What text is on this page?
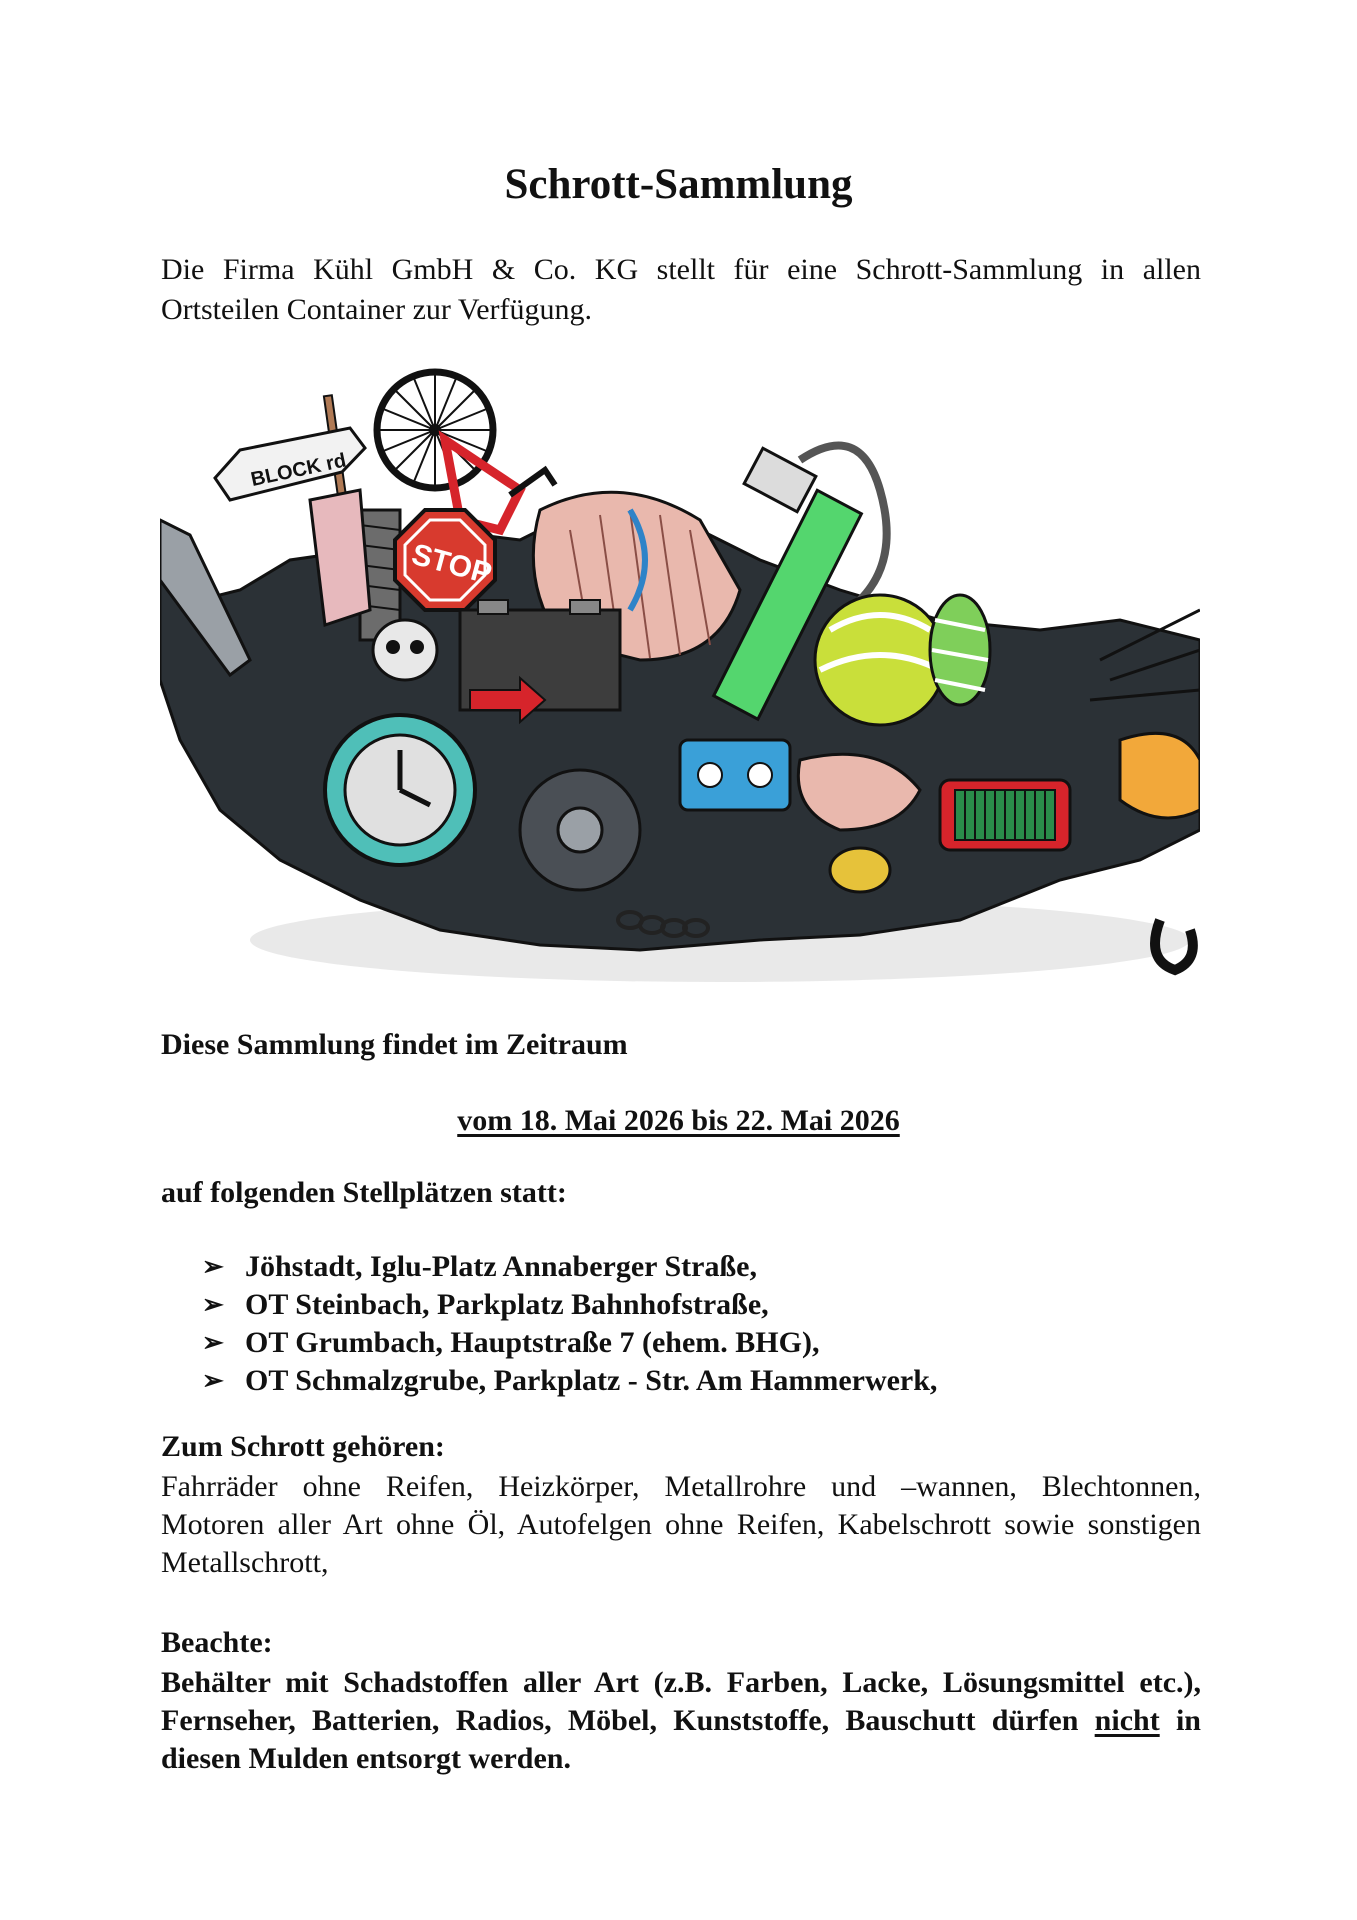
Schrott-Sammlung

Die Firma Kühl GmbH & Co. KG stellt für eine Schrott-Sammlung in allen
Ortsteilen Container zur Verfügung.

BLOCK rd
STOP

Diese Sammlung findet im Zeitraum

vom 18. Mai 2026 bis 22. Mai 2026

auf folgenden Stellplätzen statt:

➢ Jöhstadt, Iglu-Platz Annaberger Straße,
➢ OT Steinbach, Parkplatz Bahnhofstraße,
➢ OT Grumbach, Hauptstraße 7 (ehem. BHG),
➢ OT Schmalzgrube, Parkplatz - Str. Am Hammerwerk,

Zum Schrott gehören:

Fahrräder ohne Reifen, Heizkörper, Metallrohre und –wannen, Blechtonnen,
Motoren aller Art ohne Öl, Autofelgen ohne Reifen, Kabelschrott sowie sonstigen
Metallschrott,

Beachte:

Behälter mit Schadstoffen aller Art (z.B. Farben, Lacke, Lösungsmittel etc.),
Fernseher, Batterien, Radios, Möbel, Kunststoffe, Bauschutt dürfen nicht in
diesen Mulden entsorgt werden.
